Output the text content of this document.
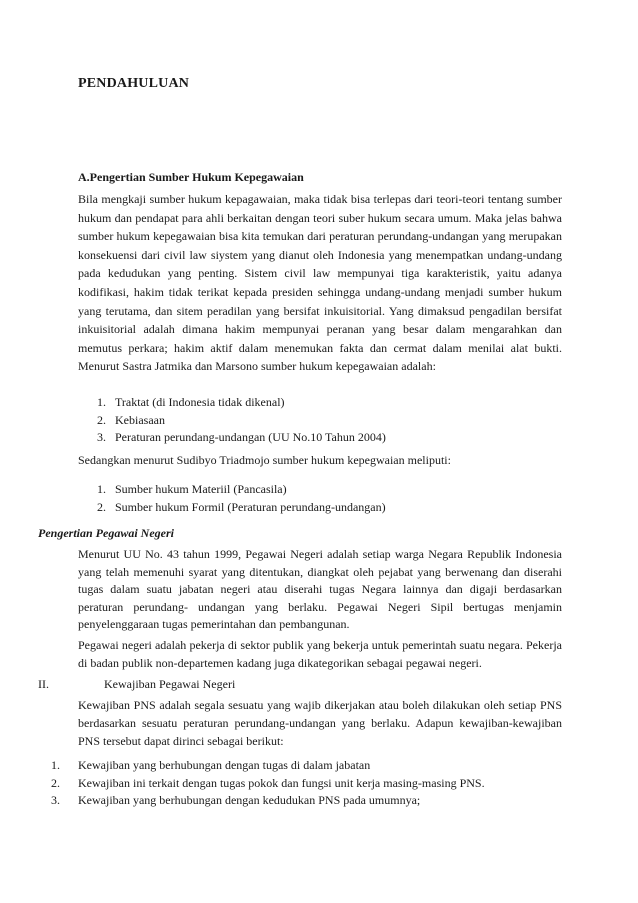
PENDAHULUAN
A.Pengertian Sumber Hukum Kepegawaian
Bila mengkaji sumber hukum kepagawaian, maka tidak bisa terlepas dari teori-teori tentang sumber hukum dan pendapat para ahli berkaitan dengan teori suber hukum secara umum. Maka jelas bahwa sumber hukum kepegawaian bisa kita temukan dari peraturan perundang-undangan yang merupakan konsekuensi dari civil law siystem yang dianut oleh Indonesia yang menempatkan undang-undang pada kedudukan yang penting. Sistem civil law mempunyai tiga karakteristik, yaitu adanya kodifikasi, hakim tidak terikat kepada presiden sehingga undang-undang menjadi sumber hukum yang terutama, dan sitem peradilan yang bersifat inkuisitorial. Yang dimaksud pengadilan bersifat inkuisitorial adalah dimana hakim mempunyai peranan yang besar dalam mengarahkan dan memutus perkara; hakim aktif dalam menemukan fakta dan cermat dalam menilai alat bukti. Menurut Sastra Jatmika dan Marsono sumber hukum kepegawaian adalah:
1. Traktat (di Indonesia tidak dikenal)
2. Kebiasaan
3. Peraturan perundang-undangan (UU No.10 Tahun 2004)
Sedangkan menurut Sudibyo Triadmojo sumber hukum kepegwaian meliputi:
1. Sumber hukum Materiil (Pancasila)
2. Sumber hukum Formil (Peraturan perundang-undangan)
Pengertian Pegawai Negeri
Menurut UU No. 43 tahun 1999, Pegawai Negeri adalah setiap warga Negara Republik Indonesia yang telah memenuhi syarat yang ditentukan, diangkat oleh pejabat yang berwenang dan diserahi tugas dalam suatu jabatan negeri atau diserahi tugas Negara lainnya dan digaji berdasarkan peraturan perundang- undangan yang berlaku. Pegawai Negeri Sipil bertugas menjamin penyelenggaraan tugas pemerintahan dan pembangunan.
Pegawai negeri adalah pekerja di sektor publik yang bekerja untuk pemerintah suatu negara. Pekerja di badan publik non-departemen kadang juga dikategorikan sebagai pegawai negeri.
II.	Kewajiban Pegawai Negeri
Kewajiban PNS adalah segala sesuatu yang wajib dikerjakan atau boleh dilakukan oleh setiap PNS berdasarkan sesuatu peraturan perundang-undangan yang berlaku. Adapun kewajiban-kewajiban PNS tersebut dapat dirinci sebagai berikut:
1. Kewajiban yang berhubungan dengan tugas di dalam jabatan
2. Kewajiban ini terkait dengan tugas pokok dan fungsi unit kerja masing-masing PNS.
3. Kewajiban yang berhubungan dengan kedudukan PNS pada umumnya;
